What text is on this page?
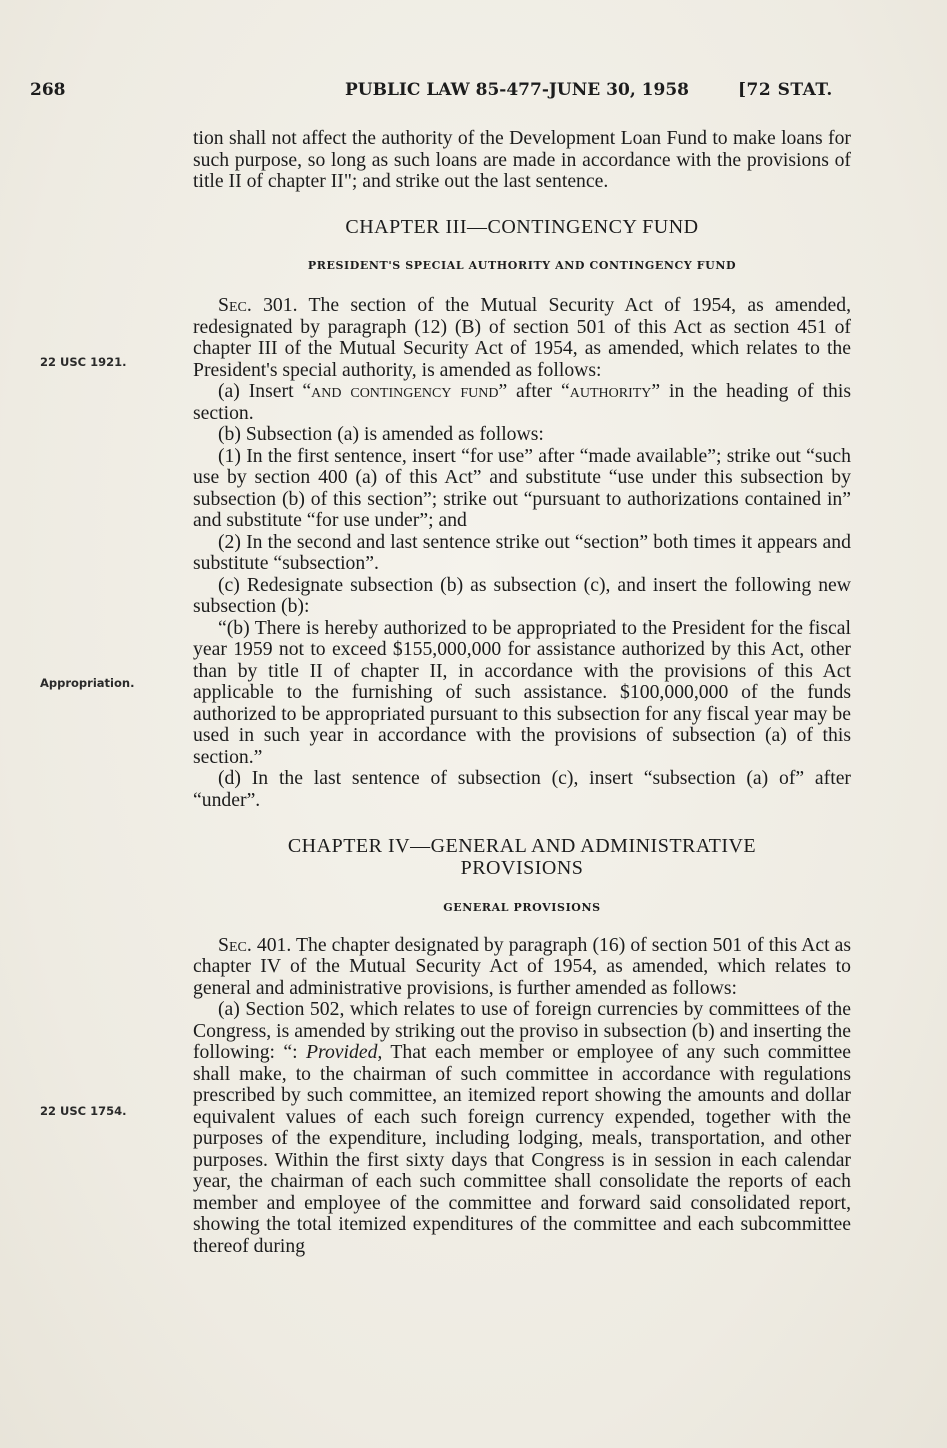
268	PUBLIC LAW 85-477-JUNE 30, 1958	[72 STAT.
22 USC 1921.
Appropriation.
22 USC 1754.

tion shall not affect the authority of the Development Loan Fund to make loans for such purpose, so long as such loans are made in accordance with the provisions of title II of chapter II"; and strike out the last sentence.

CHAPTER III—CONTINGENCY FUND

PRESIDENT'S SPECIAL AUTHORITY AND CONTINGENCY FUND

Sec. 301. The section of the Mutual Security Act of 1954, as amended, redesignated by paragraph (12) (B) of section 501 of this Act as section 451 of chapter III of the Mutual Security Act of 1954, as amended, which relates to the President's special authority, is amended as follows:

(a) Insert “and contingency fund” after “authority” in the heading of this section.

(b) Subsection (a) is amended as follows:

(1) In the first sentence, insert “for use” after “made available”; strike out “such use by section 400 (a) of this Act” and substitute “use under this subsection by subsection (b) of this section”; strike out “pursuant to authorizations contained in” and substitute “for use under”; and

(2) In the second and last sentence strike out “section” both times it appears and substitute “subsection”.

(c) Redesignate subsection (b) as subsection (c), and insert the following new subsection (b):

“(b) There is hereby authorized to be appropriated to the President for the fiscal year 1959 not to exceed $155,000,000 for assistance authorized by this Act, other than by title II of chapter II, in accordance with the provisions of this Act applicable to the furnishing of such assistance. $100,000,000 of the funds authorized to be appropriated pursuant to this subsection for any fiscal year may be used in such year in accordance with the provisions of subsection (a) of this section.”

(d) In the last sentence of subsection (c), insert “subsection (a) of” after “under”.

CHAPTER IV—GENERAL AND ADMINISTRATIVE

PROVISIONS

GENERAL PROVISIONS

Sec. 401. The chapter designated by paragraph (16) of section 501 of this Act as chapter IV of the Mutual Security Act of 1954, as amended, which relates to general and administrative provisions, is further amended as follows:

(a) Section 502, which relates to use of foreign currencies by committees of the Congress, is amended by striking out the proviso in subsection (b) and inserting the following: “: Provided, That each member or employee of any such committee shall make, to the chairman of such committee in accordance with regulations prescribed by such committee, an itemized report showing the amounts and dollar equivalent values of each such foreign currency expended, together with the purposes of the expenditure, including lodging, meals, transportation, and other purposes. Within the first sixty days that Congress is in session in each calendar year, the chairman of each such committee shall consolidate the reports of each member and employee of the committee and forward said consolidated report, showing the total itemized expenditures of the committee and each subcommittee thereof during
